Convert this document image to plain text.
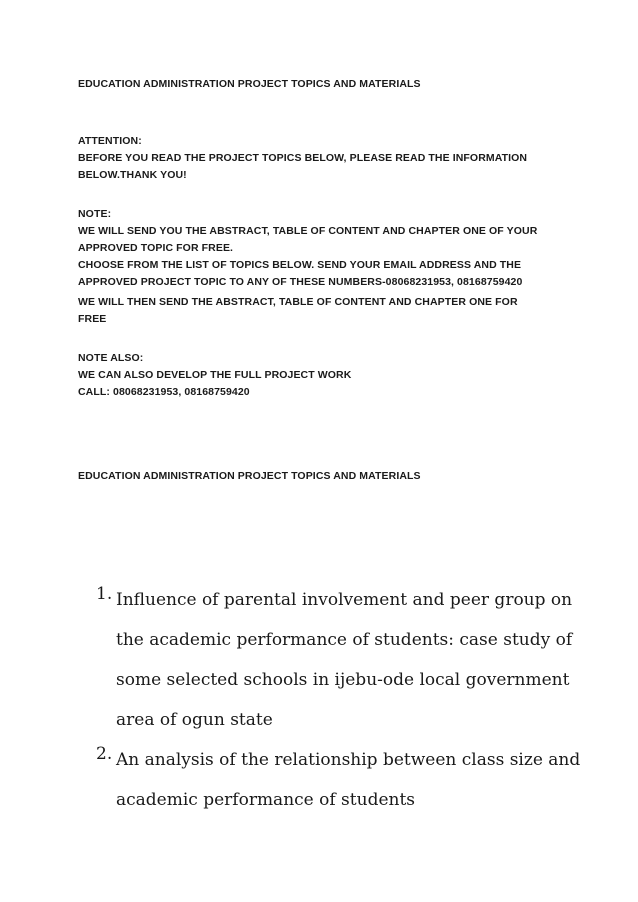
EDUCATION ADMINISTRATION PROJECT TOPICS AND MATERIALS

ATTENTION:

BEFORE YOU READ THE PROJECT TOPICS BELOW, PLEASE READ THE INFORMATION

BELOW.THANK YOU!

NOTE:

WE WILL SEND YOU THE ABSTRACT, TABLE OF CONTENT AND CHAPTER ONE OF YOUR

APPROVED TOPIC FOR FREE.

CHOOSE FROM THE LIST OF TOPICS BELOW. SEND YOUR EMAIL ADDRESS AND THE

APPROVED PROJECT TOPIC TO ANY OF THESE NUMBERS-08068231953, 08168759420

WE WILL THEN SEND THE ABSTRACT, TABLE OF CONTENT AND CHAPTER ONE FOR

FREE

NOTE ALSO:

WE CAN ALSO DEVELOP THE FULL PROJECT WORK

CALL: 08068231953, 08168759420

EDUCATION ADMINISTRATION PROJECT TOPICS AND MATERIALS

1. Influence of parental involvement and peer group on
the academic performance of students: case study of
some selected schools in ijebu-ode local government
area of ogun state
2. An analysis of the relationship between class size and
academic performance of students
